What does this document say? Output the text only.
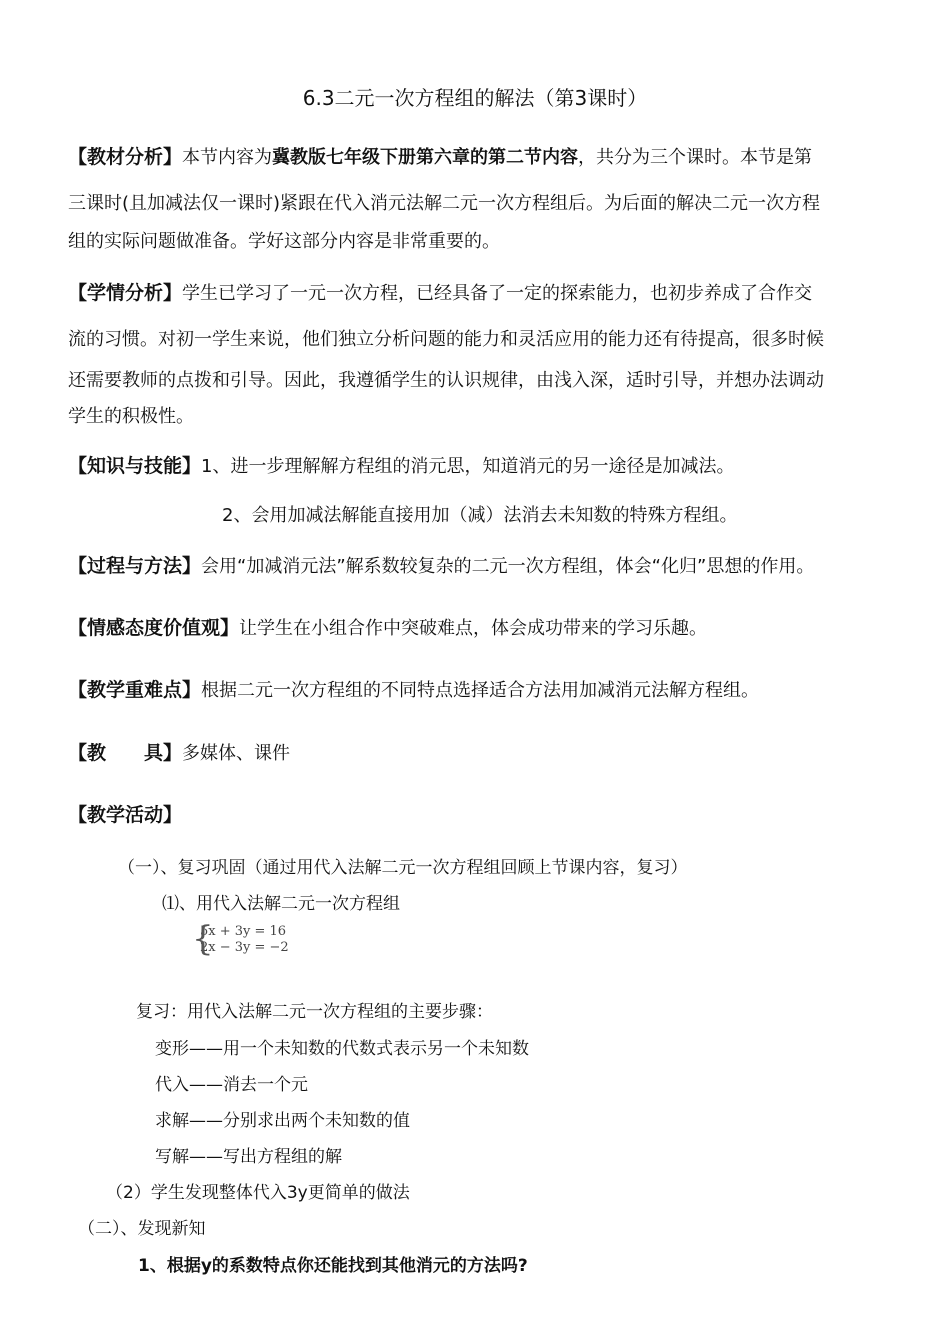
6.3二元一次方程组的解法（第3课时）
【教材分析】本节内容为冀教版七年级下册第六章的第二节内容，共分为三个课时。本节是第
三课时(且加减法仅一课时)紧跟在代入消元法解二元一次方程组后。为后面的解决二元一次方程
组的实际问题做准备。学好这部分内容是非常重要的。
【学情分析】学生已学习了一元一次方程，已经具备了一定的探索能力，也初步养成了合作交
流的习惯。对初一学生来说，他们独立分析问题的能力和灵活应用的能力还有待提高，很多时候
还需要教师的点拨和引导。因此，我遵循学生的认识规律，由浅入深，适时引导，并想办法调动
学生的积极性。
【知识与技能】1、进一步理解解方程组的消元思，知道消元的另一途径是加减法。
2、会用加减法解能直接用加（减）法消去未知数的特殊方程组。
【过程与方法】会用“加减消元法”解系数较复杂的二元一次方程组，体会“化归”思想的作用。
【情感态度价值观】让学生在小组合作中突破难点，体会成功带来的学习乐趣。
【教学重难点】根据二元一次方程组的不同特点选择适合方法用加减消元法解方程组。
【教　　具】多媒体、课件
【教学活动】
（一）、复习巩固（通过用代入法解二元一次方程组回顾上节课内容，复习）
⑴、用代入法解二元一次方程组
{
5x + 3y = 16
2x − 3y = −2
复习：用代入法解二元一次方程组的主要步骤：
变形——用一个未知数的代数式表示另一个未知数
代入——消去一个元
求解——分别求出两个未知数的值
写解——写出方程组的解
（2）学生发现整体代入3y更简单的做法
（二）、发现新知
1、根据y的系数特点你还能找到其他消元的方法吗?
